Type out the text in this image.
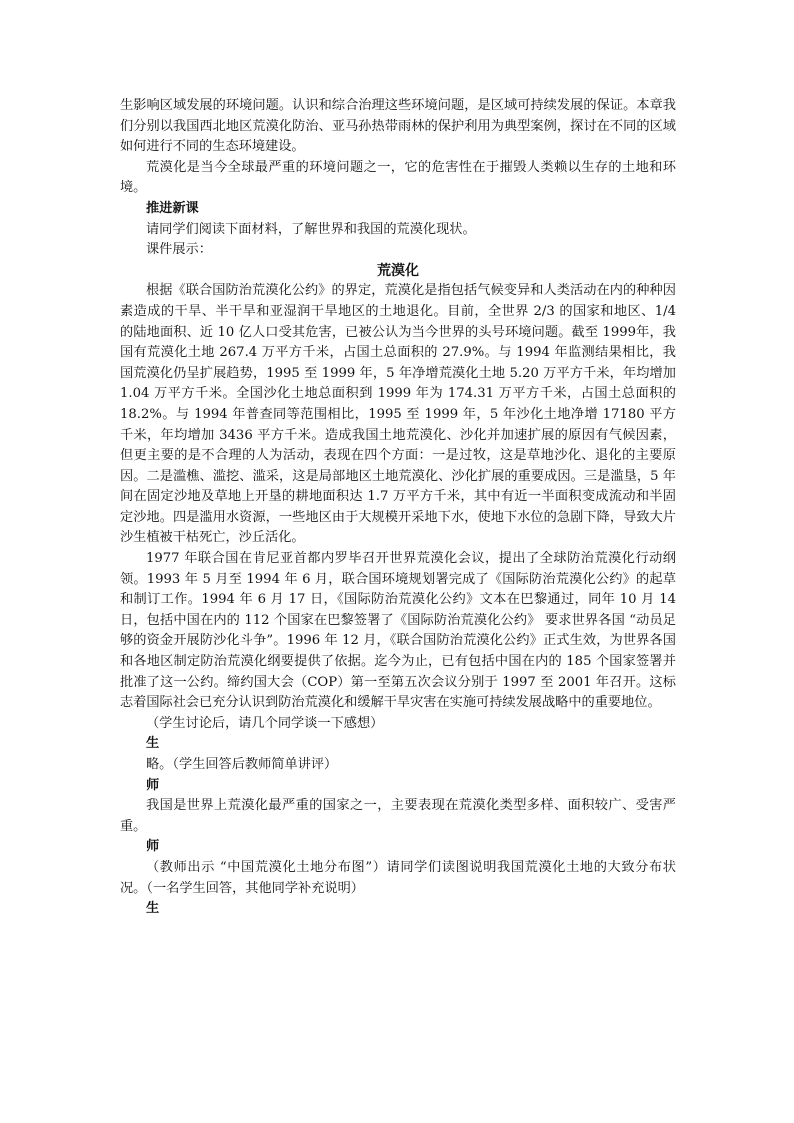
生影响区域发展的环境问题。认识和综合治理这些环境问题，是区域可持续发展的保证。本章我们分别以我国西北地区荒漠化防治、亚马孙热带雨林的保护利用为典型案例，探讨在不同的区域如何进行不同的生态环境建设。

荒漠化是当今全球最严重的环境问题之一，它的危害性在于摧毁人类赖以生存的土地和环境。

推进新课

请同学们阅读下面材料，了解世界和我国的荒漠化现状。

课件展示：

荒漠化

根据《联合国防治荒漠化公约》的界定，荒漠化是指包括气候变异和人类活动在内的种种因素造成的干旱、半干旱和亚湿润干旱地区的土地退化。目前，全世界 2/3 的国家和地区、1/4 的陆地面积、近 10 亿人口受其危害，已被公认为当今世界的头号环境问题。截至 1999年，我国有荒漠化土地 267.4 万平方千米，占国土总面积的 27.9%。与 1994 年监测结果相比，我国荒漠化仍呈扩展趋势，1995 至 1999 年，5 年净增荒漠化土地 5.20 万平方千米，年均增加 1.04 万平方千米。全国沙化土地总面积到 1999 年为 174.31 万平方千米，占国土总面积的 18.2%。与 1994 年普查同等范围相比，1995 至 1999 年，5 年沙化土地净增 17180 平方千米，年均增加 3436 平方千米。造成我国土地荒漠化、沙化并加速扩展的原因有气候因素，但更主要的是不合理的人为活动，表现在四个方面：一是过牧，这是草地沙化、退化的主要原因。二是滥樵、滥挖、滥采，这是局部地区土地荒漠化、沙化扩展的重要成因。三是滥垦，5 年间在固定沙地及草地上开垦的耕地面积达 1.7 万平方千米，其中有近一半面积变成流动和半固定沙地。四是滥用水资源，一些地区由于大规模开采地下水，使地下水位的急剧下降，导致大片沙生植被干枯死亡，沙丘活化。

1977 年联合国在肯尼亚首都内罗毕召开世界荒漠化会议，提出了全球防治荒漠化行动纲领。1993 年 5 月至 1994 年 6 月，联合国环境规划署完成了《国际防治荒漠化公约》的起草和制订工作。1994 年 6 月 17 日，《国际防治荒漠化公约》文本在巴黎通过，同年 10 月 14 日，包括中国在内的 112 个国家在巴黎签署了《国际防治荒漠化公约》 要求世界各国 “动员足够的资金开展防沙化斗争”。1996 年 12 月，《联合国防治荒漠化公约》正式生效，为世界各国和各地区制定防治荒漠化纲要提供了依据。迄今为止，已有包括中国在内的 185 个国家签署并批准了这一公约。缔约国大会（COP）第一至第五次会议分别于 1997 至 2001 年召开。这标志着国际社会已充分认识到防治荒漠化和缓解干旱灾害在实施可持续发展战略中的重要地位。

（学生讨论后，请几个同学谈一下感想）

生

略。（学生回答后教师简单讲评）

师

我国是世界上荒漠化最严重的国家之一，主要表现在荒漠化类型多样、面积较广、受害严重。

师

（教师出示 “中国荒漠化土地分布图”）请同学们读图说明我国荒漠化土地的大致分布状况。（一名学生回答，其他同学补充说明）

生
